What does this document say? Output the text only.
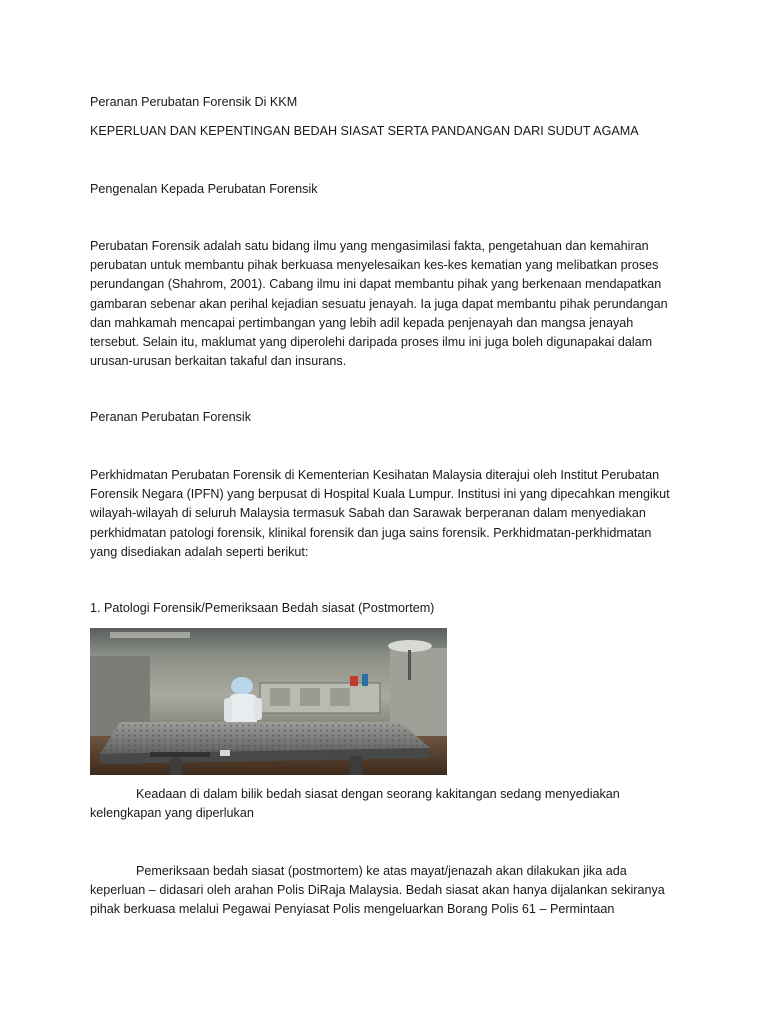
Peranan Perubatan Forensik Di KKM
KEPERLUAN DAN KEPENTINGAN BEDAH SIASAT SERTA PANDANGAN DARI SUDUT AGAMA
Pengenalan Kepada Perubatan Forensik

Perubatan Forensik adalah satu bidang ilmu yang mengasimilasi fakta, pengetahuan dan kemahiran perubatan untuk membantu pihak berkuasa menyelesaikan kes-kes kematian yang melibatkan proses perundangan (Shahrom, 2001). Cabang ilmu ini dapat membantu pihak yang berkenaan mendapatkan gambaran sebenar akan perihal kejadian sesuatu jenayah. Ia juga dapat membantu pihak perundangan dan mahkamah mencapai pertimbangan yang lebih adil kepada penjenayah dan mangsa jenayah tersebut. Selain itu, maklumat yang diperolehi daripada proses ilmu ini juga boleh digunapakai dalam urusan-urusan berkaitan takaful dan insurans.

Peranan Perubatan Forensik

Perkhidmatan Perubatan Forensik di Kementerian Kesihatan Malaysia diterajui oleh Institut Perubatan Forensik Negara (IPFN) yang berpusat di Hospital Kuala Lumpur. Institusi ini yang dipecahkan mengikut wilayah-wilayah di seluruh Malaysia termasuk Sabah dan Sarawak berperanan dalam menyediakan perkhidmatan patologi forensik, klinikal forensik dan juga sains forensik. Perkhidmatan-perkhidmatan yang disediakan adalah seperti berikut:

1. Patologi Forensik/Pemeriksaan Bedah siasat (Postmortem)

Keadaan di dalam bilik bedah siasat dengan seorang kakitangan sedang menyediakan kelengkapan yang diperlukan

Pemeriksaan bedah siasat (postmortem) ke atas mayat/jenazah akan dilakukan jika ada keperluan – didasari oleh arahan Polis DiRaja Malaysia. Bedah siasat akan hanya dijalankan sekiranya pihak berkuasa melalui Pegawai Penyiasat Polis mengeluarkan Borang Polis 61 – Permintaan
